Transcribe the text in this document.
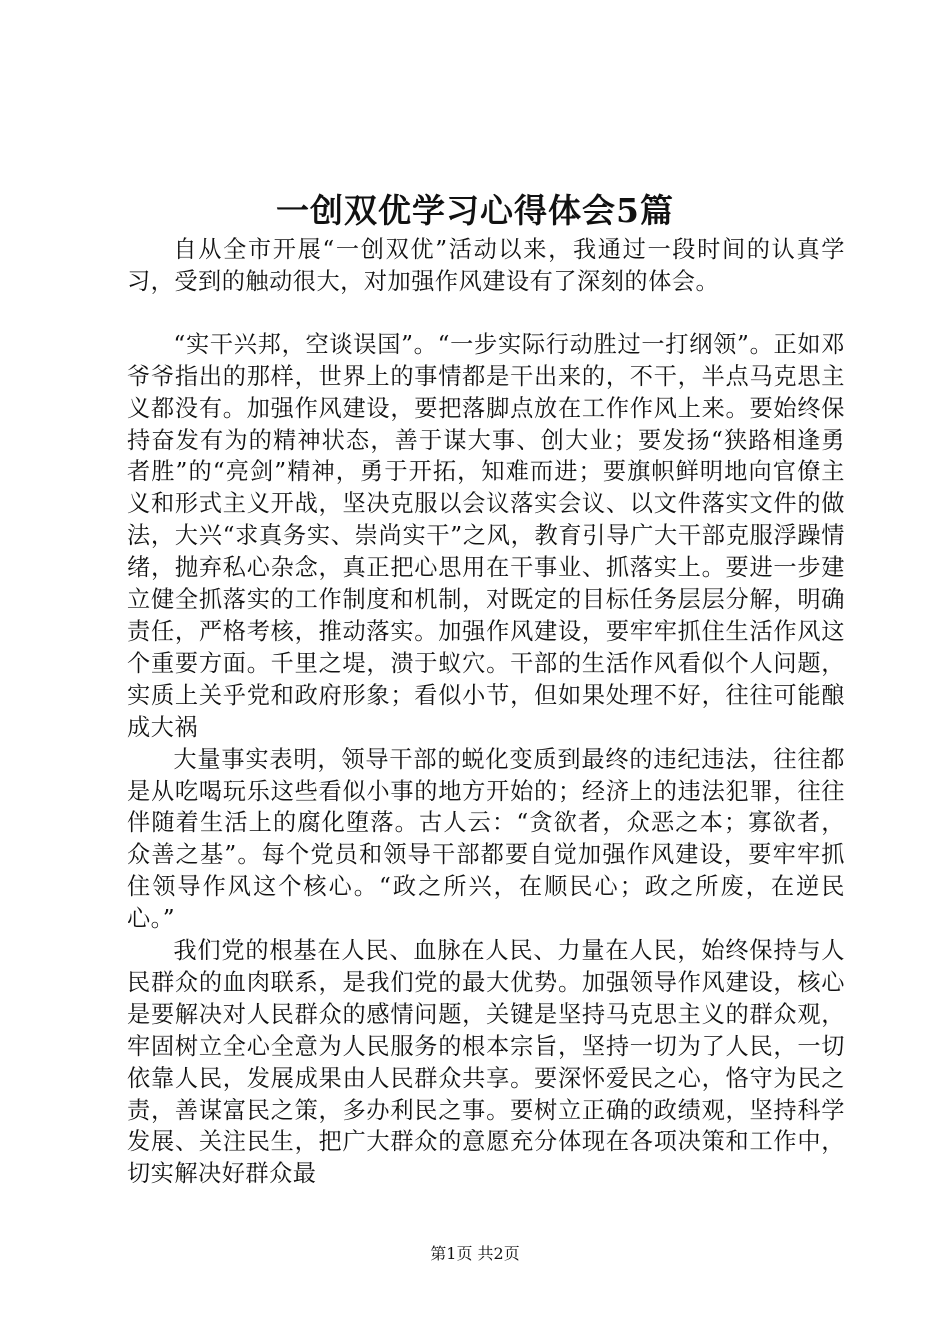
一创双优学习心得体会5篇

自从全市开展“一创双优”活动以来，我通过一段时间的认真学习，受到的触动很大，对加强作风建设有了深刻的体会。

“实干兴邦，空谈误国”。“一步实际行动胜过一打纲领”。正如邓爷爷指出的那样，世界上的事情都是干出来的，不干，半点马克思主义都没有。加强作风建设，要把落脚点放在工作作风上来。要始终保持奋发有为的精神状态，善于谋大事、创大业；要发扬“狭路相逢勇者胜”的“亮剑”精神，勇于开拓，知难而进；要旗帜鲜明地向官僚主义和形式主义开战，坚决克服以会议落实会议、以文件落实文件的做法，大兴“求真务实、崇尚实干”之风，教育引导广大干部克服浮躁情绪，抛弃私心杂念，真正把心思用在干事业、抓落实上。要进一步建立健全抓落实的工作制度和机制，对既定的目标任务层层分解，明确责任，严格考核，推动落实。加强作风建设，要牢牢抓住生活作风这个重要方面。千里之堤，溃于蚁穴。干部的生活作风看似个人问题，实质上关乎党和政府形象；看似小节，但如果处理不好，往往可能酿成大祸

大量事实表明，领导干部的蜕化变质到最终的违纪违法，往往都是从吃喝玩乐这些看似小事的地方开始的；经济上的违法犯罪，往往伴随着生活上的腐化堕落。古人云：“贪欲者，众恶之本；寡欲者，众善之基”。每个党员和领导干部都要自觉加强作风建设，要牢牢抓住领导作风这个核心。“政之所兴，在顺民心；政之所废，在逆民心。”

我们党的根基在人民、血脉在人民、力量在人民，始终保持与人民群众的血肉联系，是我们党的最大优势。加强领导作风建设，核心是要解决对人民群众的感情问题，关键是坚持马克思主义的群众观，牢固树立全心全意为人民服务的根本宗旨，坚持一切为了人民，一切依靠人民，发展成果由人民群众共享。要深怀爱民之心，恪守为民之责，善谋富民之策，多办利民之事。要树立正确的政绩观，坚持科学发展、关注民生，把广大群众的意愿充分体现在各项决策和工作中，切实解决好群众最

第1页 共2页
